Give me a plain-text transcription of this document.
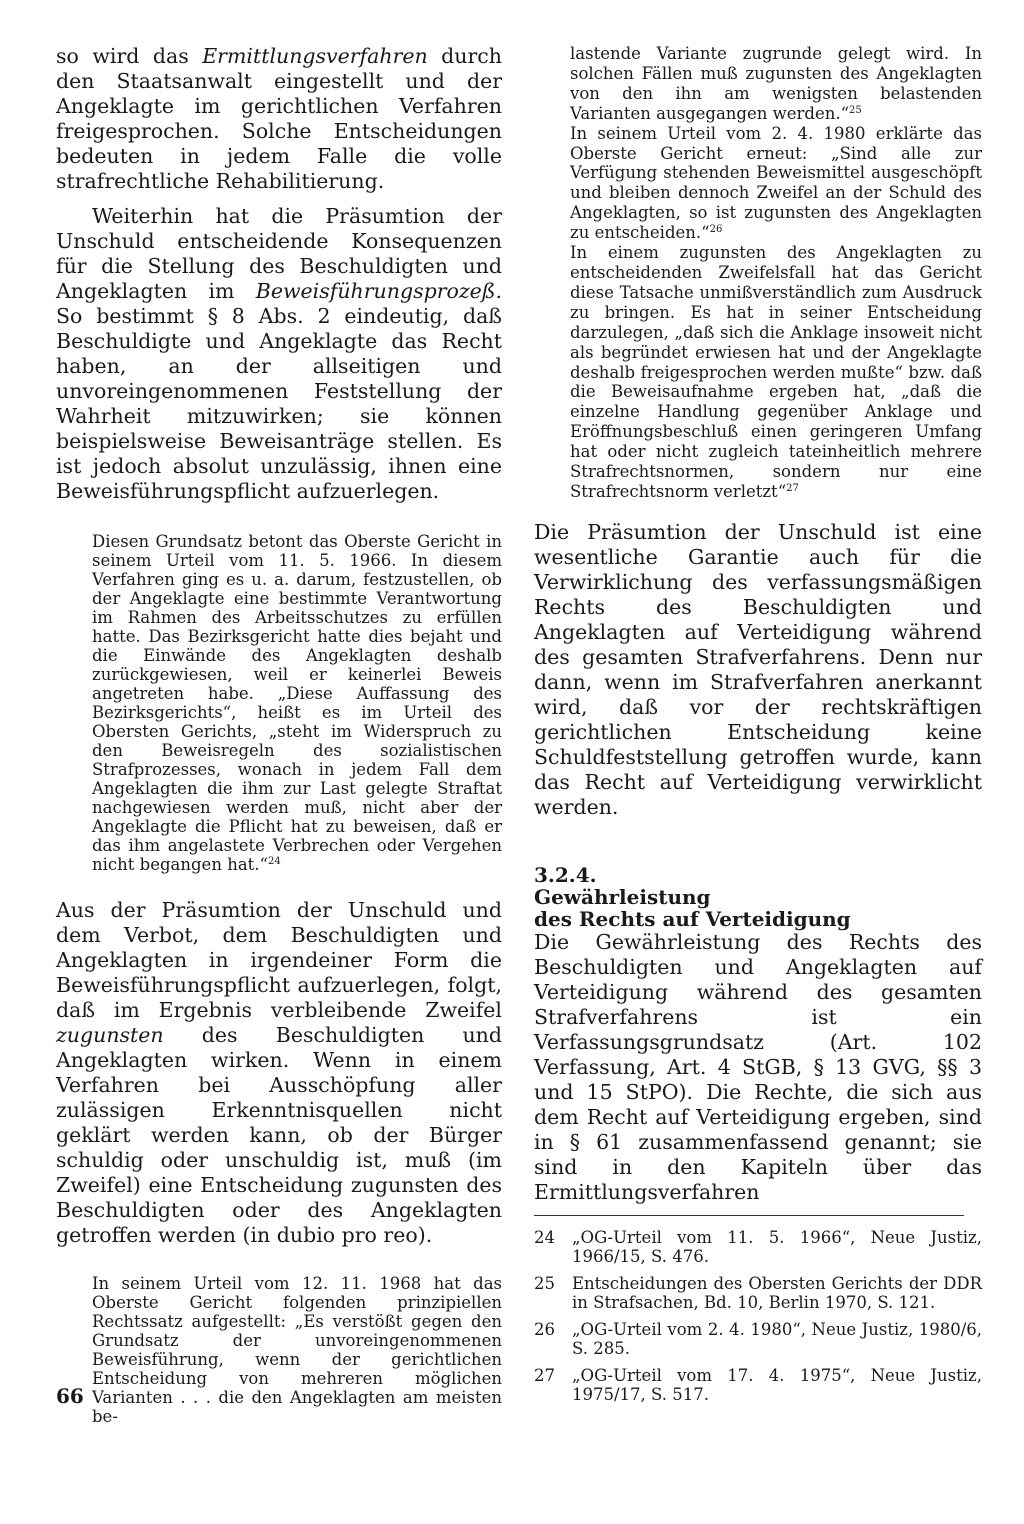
so wird das Ermittlungsverfahren durch den Staatsanwalt eingestellt und der Angeklagte im gerichtlichen Verfahren freigesprochen. Solche Entscheidungen bedeuten in jedem Falle die volle strafrechtliche Rehabilitierung.

Weiterhin hat die Präsumtion der Unschuld entscheidende Konsequenzen für die Stellung des Beschuldigten und Angeklagten im Beweisführungsprozeß. So bestimmt § 8 Abs. 2 eindeutig, daß Beschuldigte und Angeklagte das Recht haben, an der allseitigen und unvoreingenommenen Feststellung der Wahrheit mitzuwirken; sie können beispielsweise Beweisanträge stellen. Es ist jedoch absolut unzulässig, ihnen eine Beweisführungspflicht aufzuerlegen.

Diesen Grundsatz betont das Oberste Gericht in seinem Urteil vom 11. 5. 1966. In diesem Verfahren ging es u. a. darum, festzustellen, ob der Angeklagte eine bestimmte Verantwortung im Rahmen des Arbeitsschutzes zu erfüllen hatte. Das Bezirksgericht hatte dies bejaht und die Einwände des Angeklagten deshalb zurückgewiesen, weil er keinerlei Beweis angetreten habe. „Diese Auffassung des Bezirksgerichts“, heißt es im Urteil des Obersten Gerichts, „steht im Widerspruch zu den Beweisregeln des sozialistischen Strafprozesses, wonach in jedem Fall dem Angeklagten die ihm zur Last gelegte Straftat nachgewiesen werden muß, nicht aber der Angeklagte die Pflicht hat zu beweisen, daß er das ihm angelastete Verbrechen oder Vergehen nicht begangen hat.“$^{24}$

Aus der Präsumtion der Unschuld und dem Verbot, dem Beschuldigten und Angeklagten in irgendeiner Form die Beweisführungspflicht aufzuerlegen, folgt, daß im Ergebnis verbleibende Zweifel zugunsten des Beschuldigten und Angeklagten wirken. Wenn in einem Verfahren bei Ausschöpfung aller zulässigen Erkenntnisquellen nicht geklärt werden kann, ob der Bürger schuldig oder unschuldig ist, muß (im Zweifel) eine Entscheidung zugunsten des Beschuldigten oder des Angeklagten getroffen werden (in dubio pro reo).

In seinem Urteil vom 12. 11. 1968 hat das Oberste Gericht folgenden prinzipiellen Rechtssatz aufgestellt: „Es verstößt gegen den Grundsatz der unvoreingenommenen Beweisführung, wenn der gerichtlichen Entscheidung von mehreren möglichen Varianten . . . die den Angeklagten am meisten be-

lastende Variante zugrunde gelegt wird. In solchen Fällen muß zugunsten des Angeklagten von den ihn am wenigsten belastenden Varianten ausgegangen werden.“$^{25}$

In seinem Urteil vom 2. 4. 1980 erklärte das Oberste Gericht erneut: „Sind alle zur Verfügung stehenden Beweismittel ausgeschöpft und bleiben dennoch Zweifel an der Schuld des Angeklagten, so ist zugunsten des Angeklagten zu entscheiden.“$^{26}$

In einem zugunsten des Angeklagten zu entscheidenden Zweifelsfall hat das Gericht diese Tatsache unmißverständlich zum Ausdruck zu bringen. Es hat in seiner Entscheidung darzulegen, „daß sich die Anklage insoweit nicht als begründet erwiesen hat und der Angeklagte deshalb freigesprochen werden mußte“ bzw. daß die Beweisaufnahme ergeben hat, „daß die einzelne Handlung gegenüber Anklage und Eröffnungsbeschluß einen geringeren Umfang hat oder nicht zugleich tateinheitlich mehrere Strafrechtsnormen, sondern nur eine Strafrechtsnorm verletzt“$^{27}$

Die Präsumtion der Unschuld ist eine wesentliche Garantie auch für die Verwirklichung des verfassungsmäßigen Rechts des Beschuldigten und Angeklagten auf Verteidigung während des gesamten Strafverfahrens. Denn nur dann, wenn im Strafverfahren anerkannt wird, daß vor der rechtskräftigen gerichtlichen Entscheidung keine Schuldfeststellung getroffen wurde, kann das Recht auf Verteidigung verwirklicht werden.

3.2.4.

Gewährleistung

des Rechts auf Verteidigung

Die Gewährleistung des Rechts des Beschuldigten und Angeklagten auf Verteidigung während des gesamten Strafverfahrens ist ein Verfassungsgrundsatz (Art. 102 Verfassung, Art. 4 StGB, § 13 GVG, §§ 3 und 15 StPO). Die Rechte, die sich aus dem Recht auf Verteidigung ergeben, sind in § 61 zusammenfassend genannt; sie sind in den Kapiteln über das Ermittlungsverfahren

24	„OG-Urteil vom 11. 5. 1966“, Neue Justiz, 1966/15, S. 476.
25	Entscheidungen des Obersten Gerichts der DDR in Strafsachen, Bd. 10, Berlin 1970, S. 121.
26	„OG-Urteil vom 2. 4. 1980“, Neue Justiz, 1980/6, S. 285.
27	„OG-Urteil vom 17. 4. 1975“, Neue Justiz, 1975/17, S. 517.
66
